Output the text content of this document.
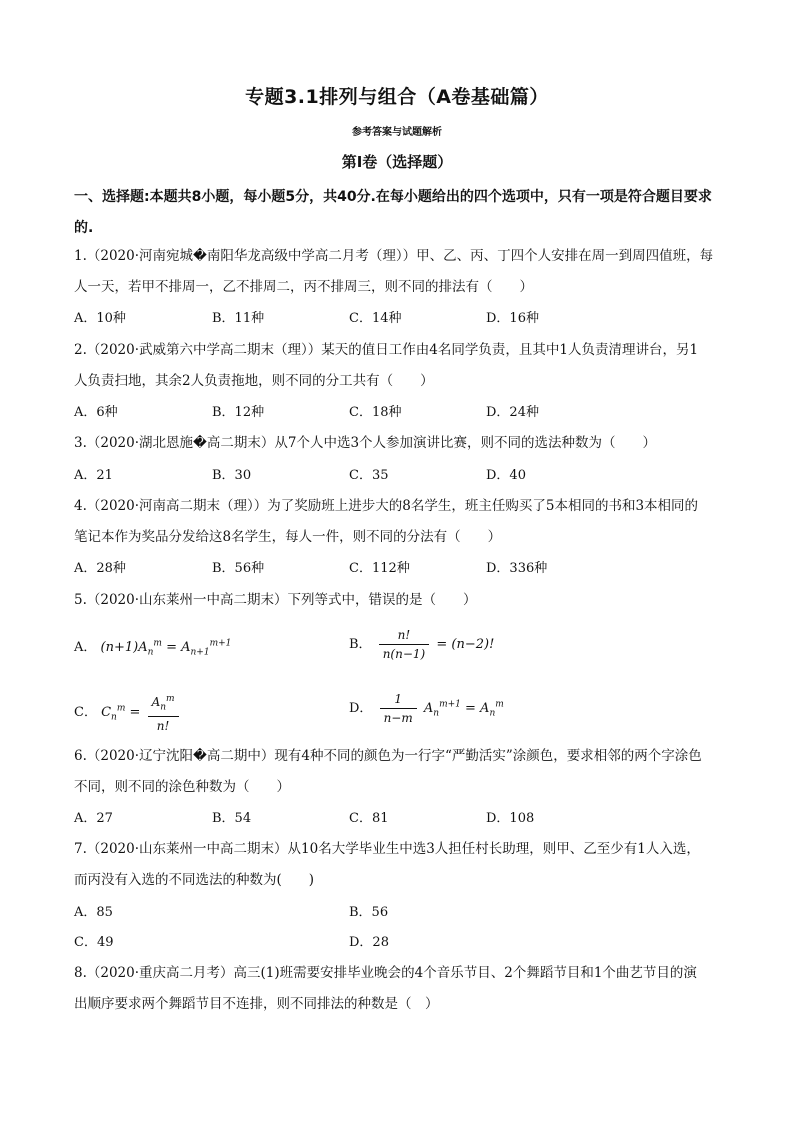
专题3.1排列与组合（A卷基础篇）
参考答案与试题解析
第Ⅰ卷（选择题）
一、选择题:本题共8小题，每小题5分，共40分.在每小题给出的四个选项中，只有一项是符合题目要求
的.
1.（2020·河南宛城�南阳华龙高级中学高二月考（理））甲、乙、丙、丁四个人安排在周一到周四值班，每
人一天，若甲不排周一，乙不排周二，丙不排周三，则不同的排法有（　　）
A．10种	B．11种	C．14种	D．16种
2.（2020·武威第六中学高二期末（理））某天的值日工作由4名同学负责，且其中1人负责清理讲台，另1
人负责扫地，其余2人负责拖地，则不同的分工共有（　　）
A．6种	B．12种	C．18种	D．24种
3.（2020·湖北恩施�高二期末）从7个人中选3个人参加演讲比赛，则不同的选法种数为（　　）
A．21	B．30	C．35	D．40
4.（2020·河南高二期末（理））为了奖励班上进步大的8名学生，班主任购买了5本相同的书和3本相同的
笔记本作为奖品分发给这8名学生，每人一件，则不同的分法有（　　）
A．28种	B．56种	C．112种	D．336种
5.（2020·山东莱州一中高二期末）下列等式中，错误的是（　　）
A． $(n+1)A_n^m = A_{n+1}^{m+1}$	B． $\frac{n!}{n(n-1)} = (n-2)$!
C． $C_n^m = \frac{A_n^m}{n!}$	D． $\frac{1}{n-m} A_n^{m+1} = A_n^m$
6.（2020·辽宁沈阳�高二期中）现有4种不同的颜色为一行字“严勤活实”涂颜色，要求相邻的两个字涂色
不同，则不同的涂色种数为（　　）
A．27	B．54	C．81	D．108
7.（2020·山东莱州一中高二期末）从10名大学毕业生中选3人担任村长助理，则甲、乙至少有1人入选，
而丙没有入选的不同选法的种数为(　　)
A．85	B．56
C．49	D．28
8.（2020·重庆高二月考）高三(1)班需要安排毕业晚会的4个音乐节目、2个舞蹈节目和1个曲艺节目的演
出顺序要求两个舞蹈节目不连排，则不同排法的种数是（　）
